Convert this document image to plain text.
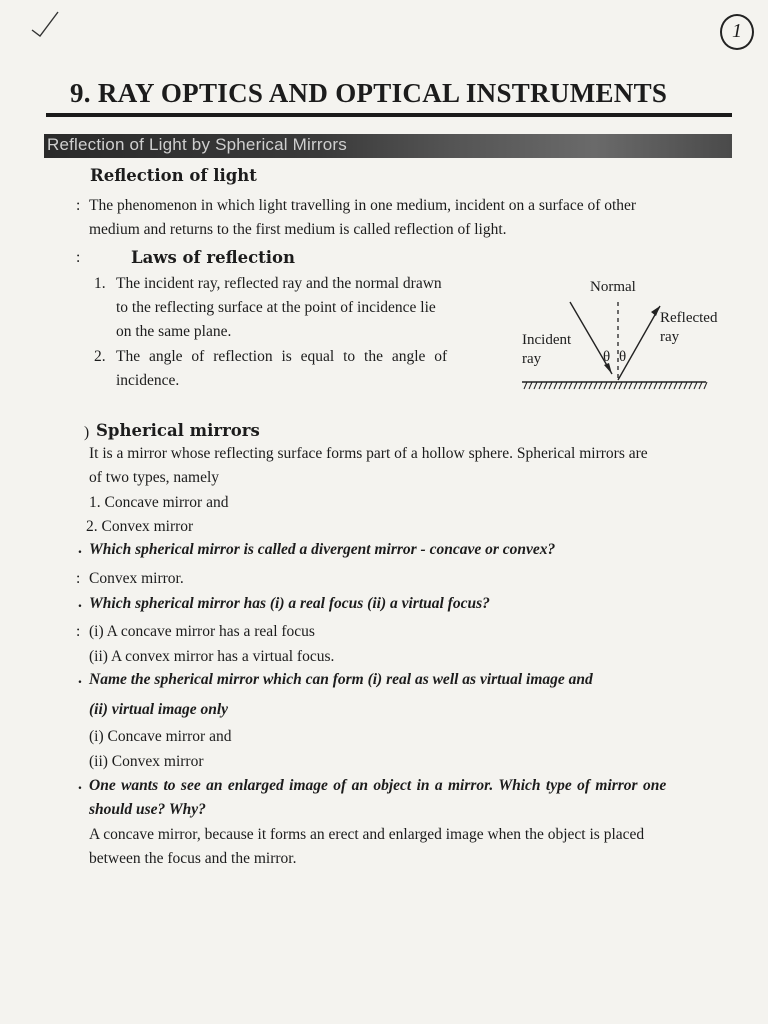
1
9. RAY OPTICS AND OPTICAL INSTRUMENTS
Reflection of Light by Spherical Mirrors
Reflection of light
: The phenomenon in which light travelling in one medium, incident on a surface of other
medium and returns to the first medium is called reflection of light.
:	Laws of reflection
1. The incident ray, reflected ray and the normal drawn
to the reflecting surface at the point of incidence lie
on the same plane.
2. The angle of reflection is equal to the angle of
incidence.
Normal
θ θ
Incident
ray
Reflected
ray
) Spherical mirrors
It is a mirror whose reflecting surface forms part of a hollow sphere. Spherical mirrors are
of two types, namely
1. Concave mirror and
2. Convex mirror
. Which spherical mirror is called a divergent mirror - concave or convex?
: Convex mirror.
. Which spherical mirror has (i) a real focus (ii) a virtual focus?
: (i) A concave mirror has a real focus
(ii) A convex mirror has a virtual focus.
. Name the spherical mirror which can form (i) real as well as virtual image and
(ii) virtual image only
(i) Concave mirror and
(ii) Convex mirror
. One wants to see an enlarged image of an object in a mirror. Which type of mirror one
should use? Why?
A concave mirror, because it forms an erect and enlarged image when the object is placed
between the focus and the mirror.
